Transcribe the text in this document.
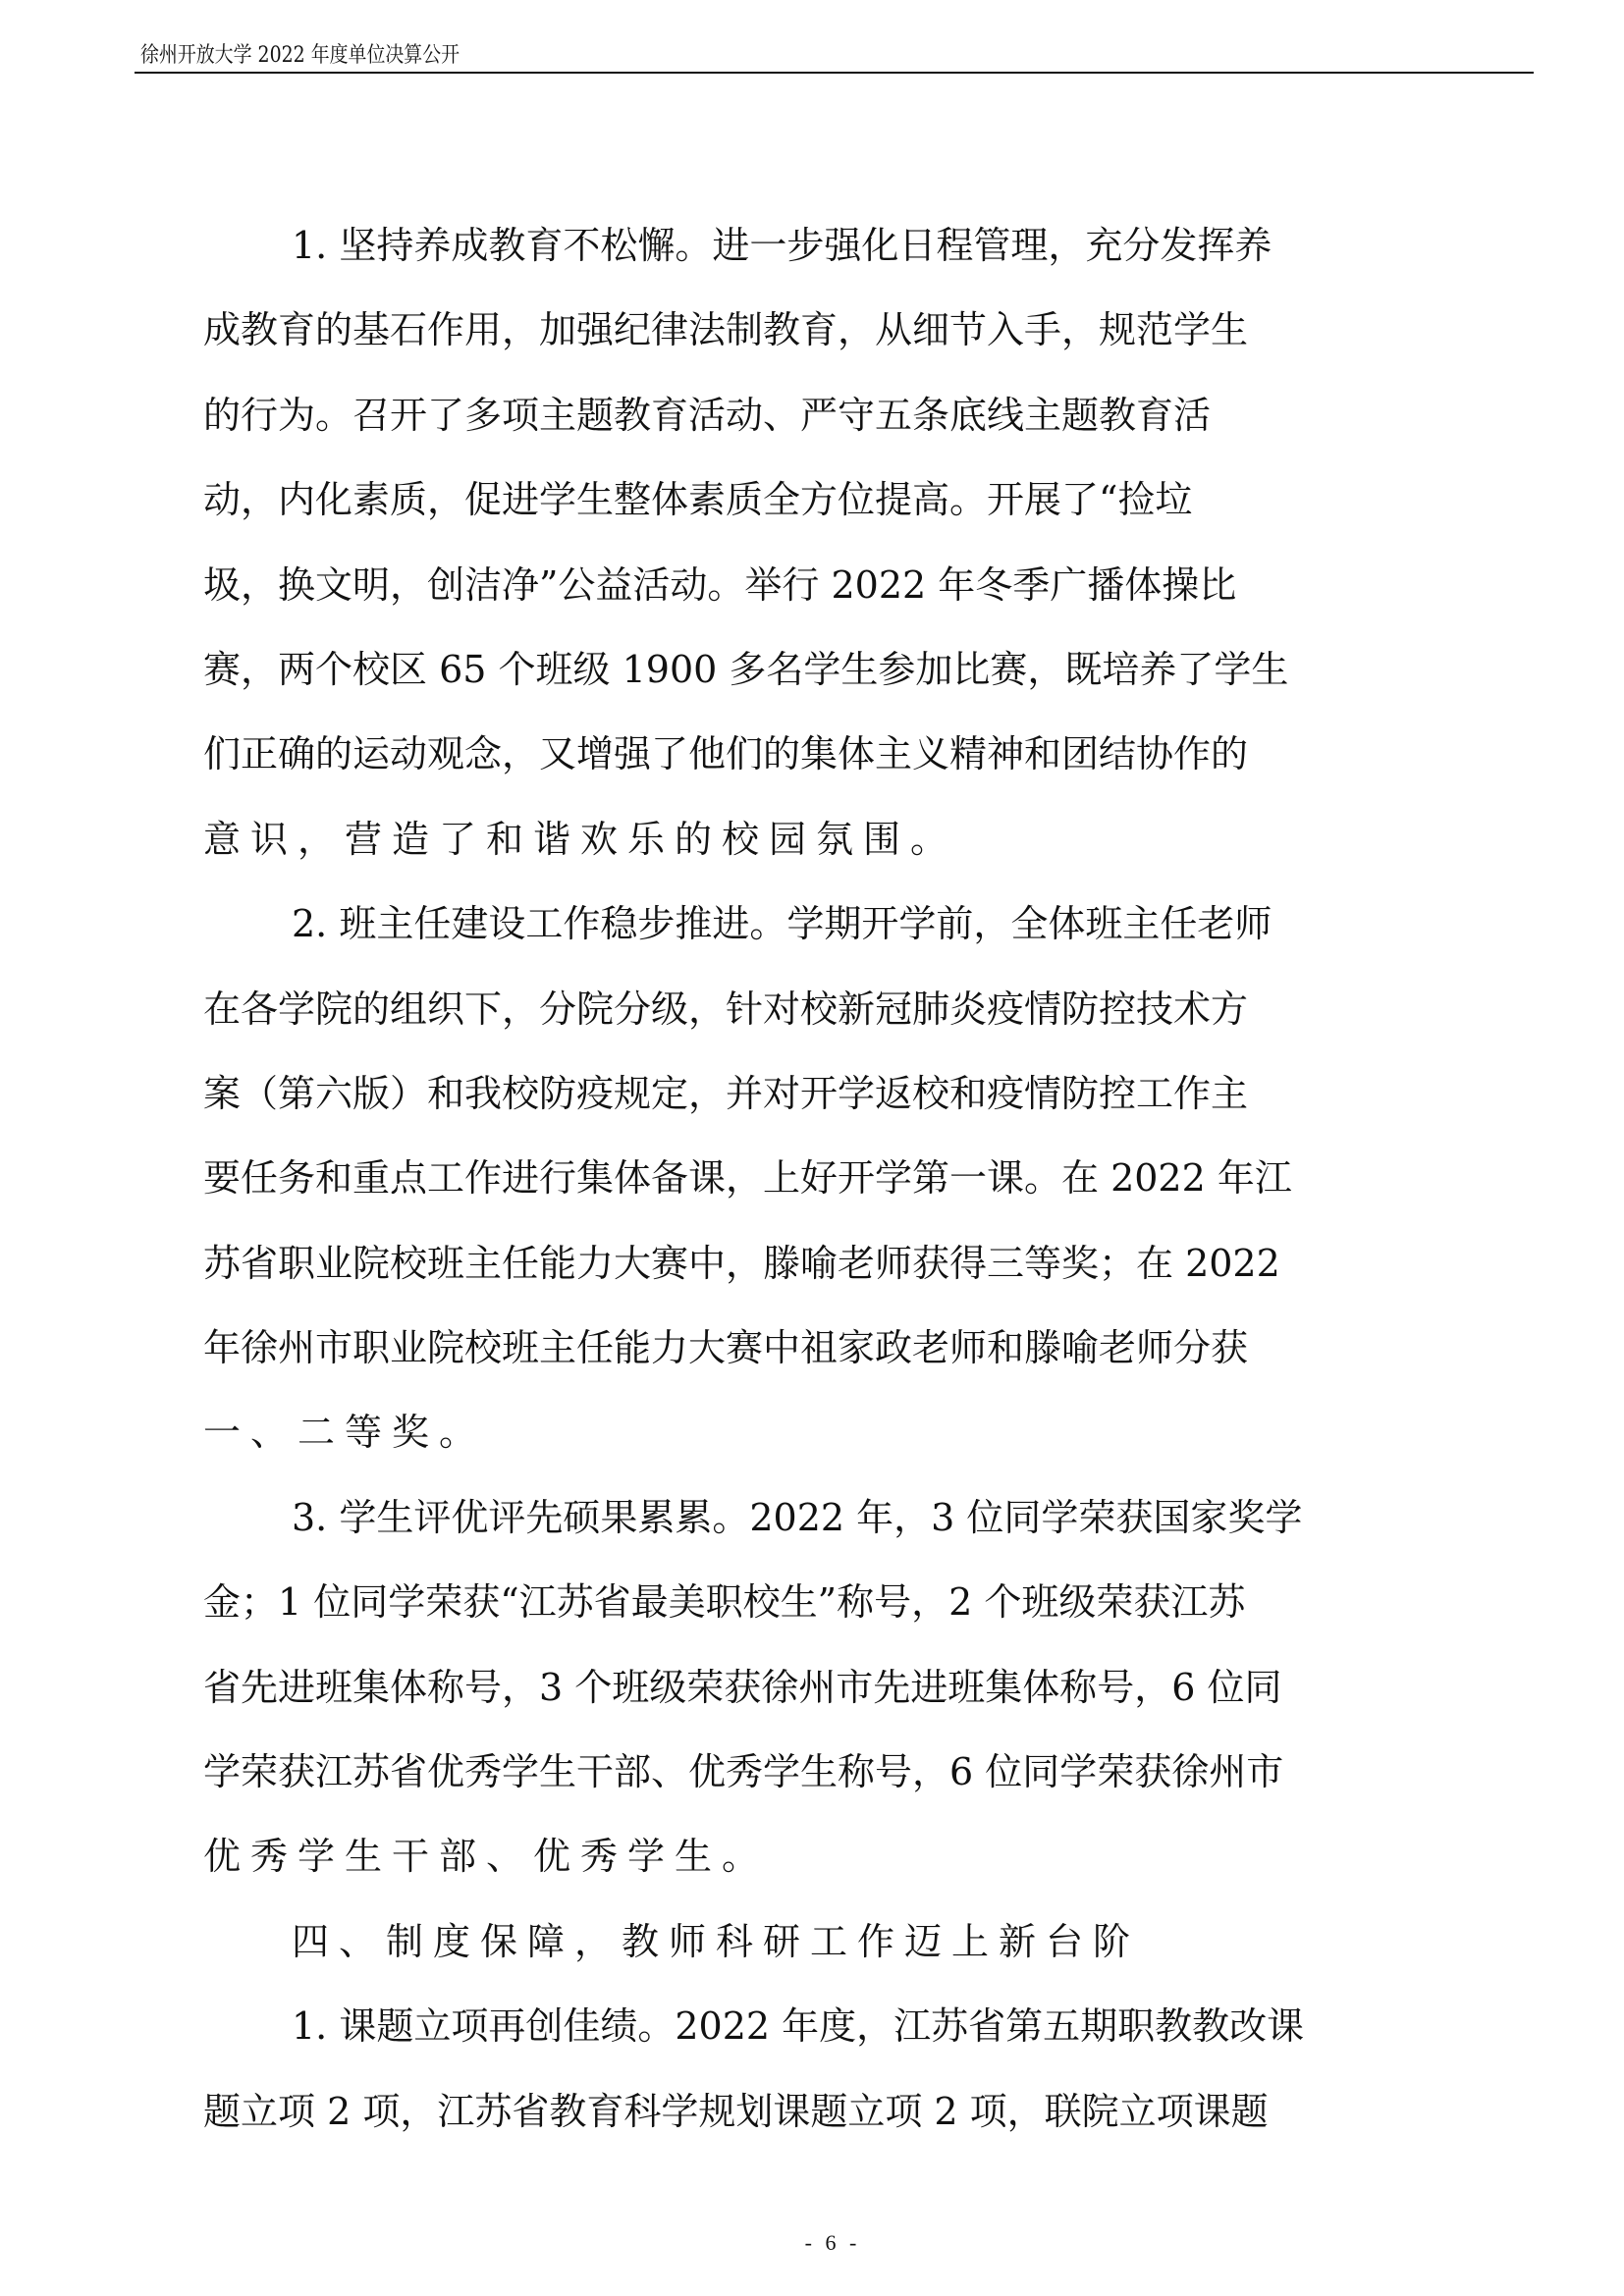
徐州开放大学 2022 年度单位决算公开
1. 坚持养成教育不松懈。进一步强化日程管理，充分发挥养
成教育的基石作用，加强纪律法制教育，从细节入手，规范学生
的行为。召开了多项主题教育活动、严守五条底线主题教育活
动，内化素质，促进学生整体素质全方位提高。开展了“捡垃
圾，换文明，创洁净”公益活动。举行 2022 年冬季广播体操比
赛，两个校区 65 个班级 1900 多名学生参加比赛，既培养了学生
们正确的运动观念，又增强了他们的集体主义精神和团结协作的
意识，营造了和谐欢乐的校园氛围。
2. 班主任建设工作稳步推进。学期开学前，全体班主任老师
在各学院的组织下，分院分级，针对校新冠肺炎疫情防控技术方
案（第六版）和我校防疫规定，并对开学返校和疫情防控工作主
要任务和重点工作进行集体备课，上好开学第一课。在 2022 年江
苏省职业院校班主任能力大赛中，滕喻老师获得三等奖；在 2022
年徐州市职业院校班主任能力大赛中祖家政老师和滕喻老师分获
一、二等奖。
3. 学生评优评先硕果累累。2022 年，3 位同学荣获国家奖学
金；1 位同学荣获“江苏省最美职校生”称号，2 个班级荣获江苏
省先进班集体称号，3 个班级荣获徐州市先进班集体称号，6 位同
学荣获江苏省优秀学生干部、优秀学生称号，6 位同学荣获徐州市
优秀学生干部、优秀学生。
四、制度保障，教师科研工作迈上新台阶
1. 课题立项再创佳绩。2022 年度，江苏省第五期职教教改课
题立项 2 项，江苏省教育科学规划课题立项 2 项，联院立项课题
- 6 -
